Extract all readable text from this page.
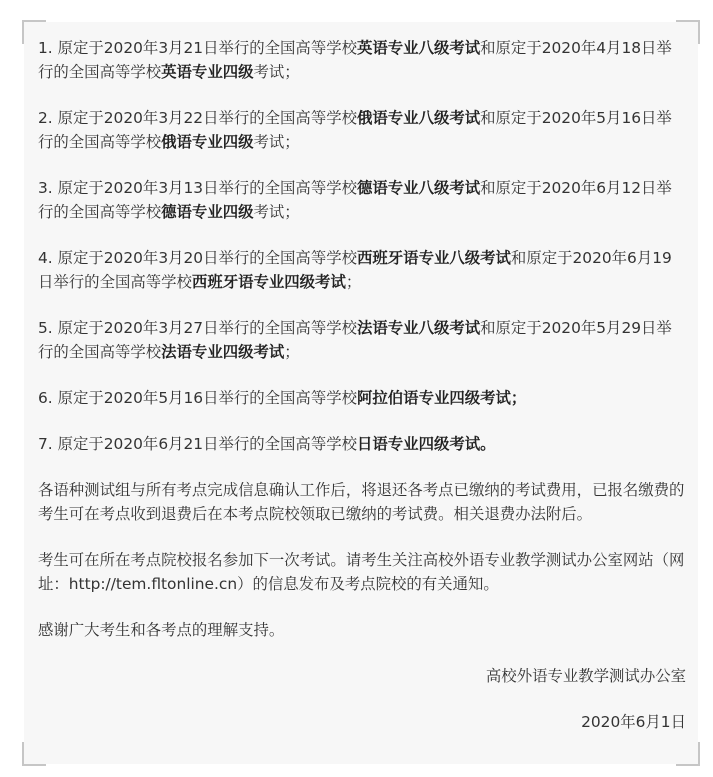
1. 原定于2020年3月21日举行的全国高等学校英语专业八级考试和原定于2020年4月18日举行的全国高等学校英语专业四级考试；

2. 原定于2020年3月22日举行的全国高等学校俄语专业八级考试和原定于2020年5月16日举行的全国高等学校俄语专业四级考试；

3. 原定于2020年3月13日举行的全国高等学校德语专业八级考试和原定于2020年6月12日举行的全国高等学校德语专业四级考试；

4. 原定于2020年3月20日举行的全国高等学校西班牙语专业八级考试和原定于2020年6月19日举行的全国高等学校西班牙语专业四级考试；

5. 原定于2020年3月27日举行的全国高等学校法语专业八级考试和原定于2020年5月29日举行的全国高等学校法语专业四级考试；

6. 原定于2020年5月16日举行的全国高等学校阿拉伯语专业四级考试；

7. 原定于2020年6月21日举行的全国高等学校日语专业四级考试。

各语种测试组与所有考点完成信息确认工作后，将退还各考点已缴纳的考试费用，已报名缴费的考生可在考点收到退费后在本考点院校领取已缴纳的考试费。相关退费办法附后。

考生可在所在考点院校报名参加下一次考试。请考生关注高校外语专业教学测试办公室网站（网址：http://tem.fltonline.cn）的信息发布及考点院校的有关通知。

感谢广大考生和各考点的理解支持。

高校外语专业教学测试办公室

2020年6月1日
